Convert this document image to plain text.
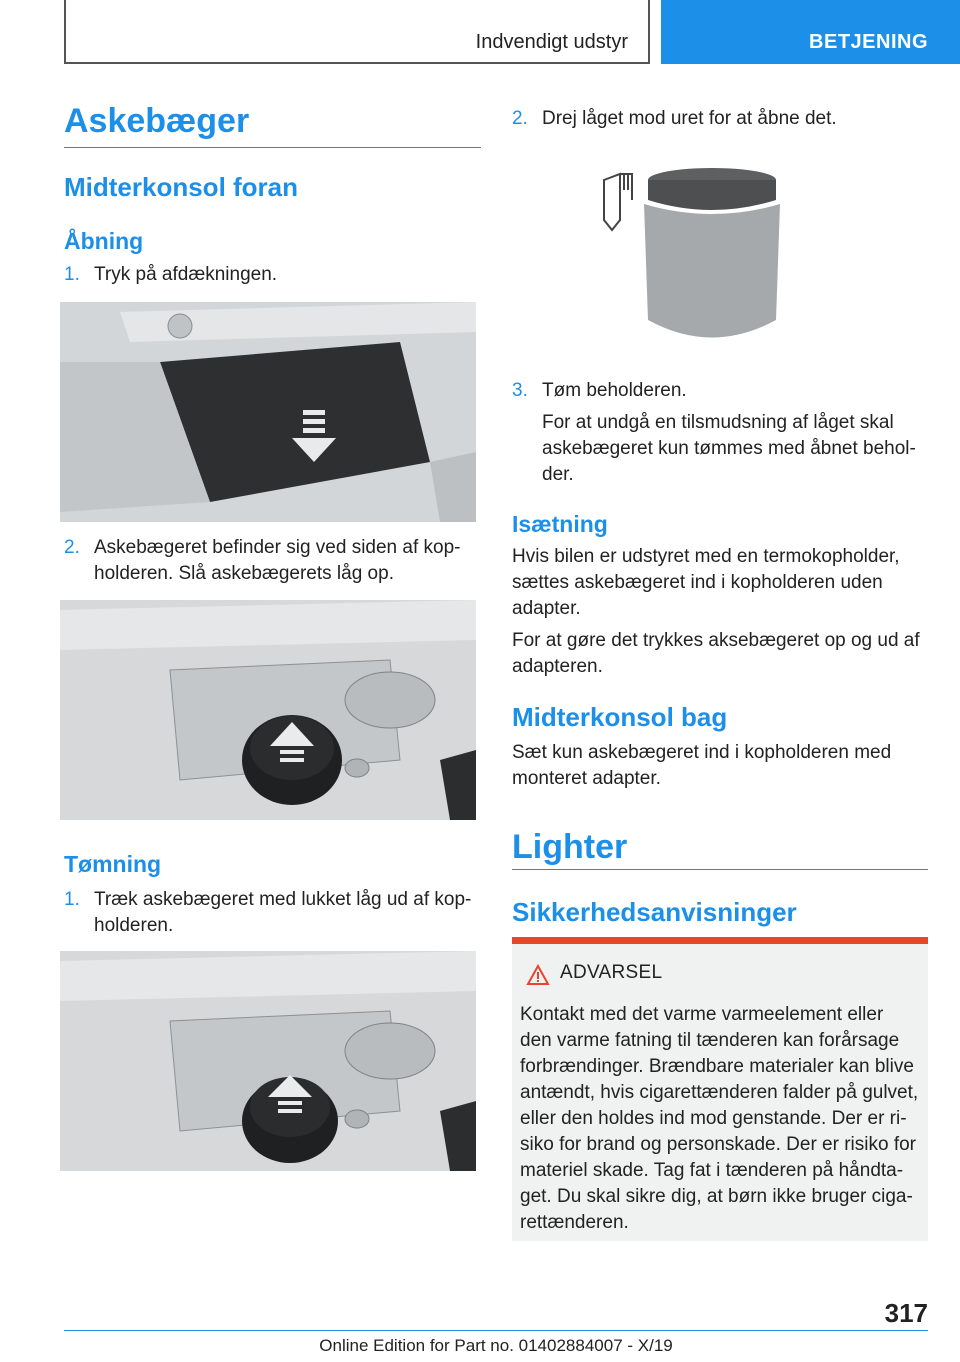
Indvendigt udstyr	BETJENING
Askebæger
Midterkonsol foran
Åbning
1. Tryk på afdækningen.
2. Askebægeret befinder sig ved siden af kop-
holderen. Slå askebægerets låg op.
Tømning
1. Træk askebægeret med lukket låg ud af kop-
holderen.
2. Drej låget mod uret for at åbne det.
3. Tøm beholderen.
For at undgå en tilsmudsning af låget skal
askebægeret kun tømmes med åbnet behol-
der.
Isætning
Hvis bilen er udstyret med en termokopholder,
sættes askebægeret ind i kopholderen uden
adapter.
For at gøre det trykkes aksebægeret op og ud af
adapteren.
Midterkonsol bag
Sæt kun askebægeret ind i kopholderen med
monteret adapter.
Lighter
Sikkerhedsanvisninger
ADVARSEL
Kontakt med det varme varmeelement eller
den varme fatning til tænderen kan forårsage
forbrændinger. Brændbare materialer kan blive
antændt, hvis cigarettænderen falder på gulvet,
eller den holdes ind mod genstande. Der er ri-
siko for brand og personskade. Der er risiko for
materiel skade. Tag fat i tænderen på håndta-
get. Du skal sikre dig, at børn ikke bruger ciga-
rettænderen.
317
Online Edition for Part no. 01402884007 - X/19
